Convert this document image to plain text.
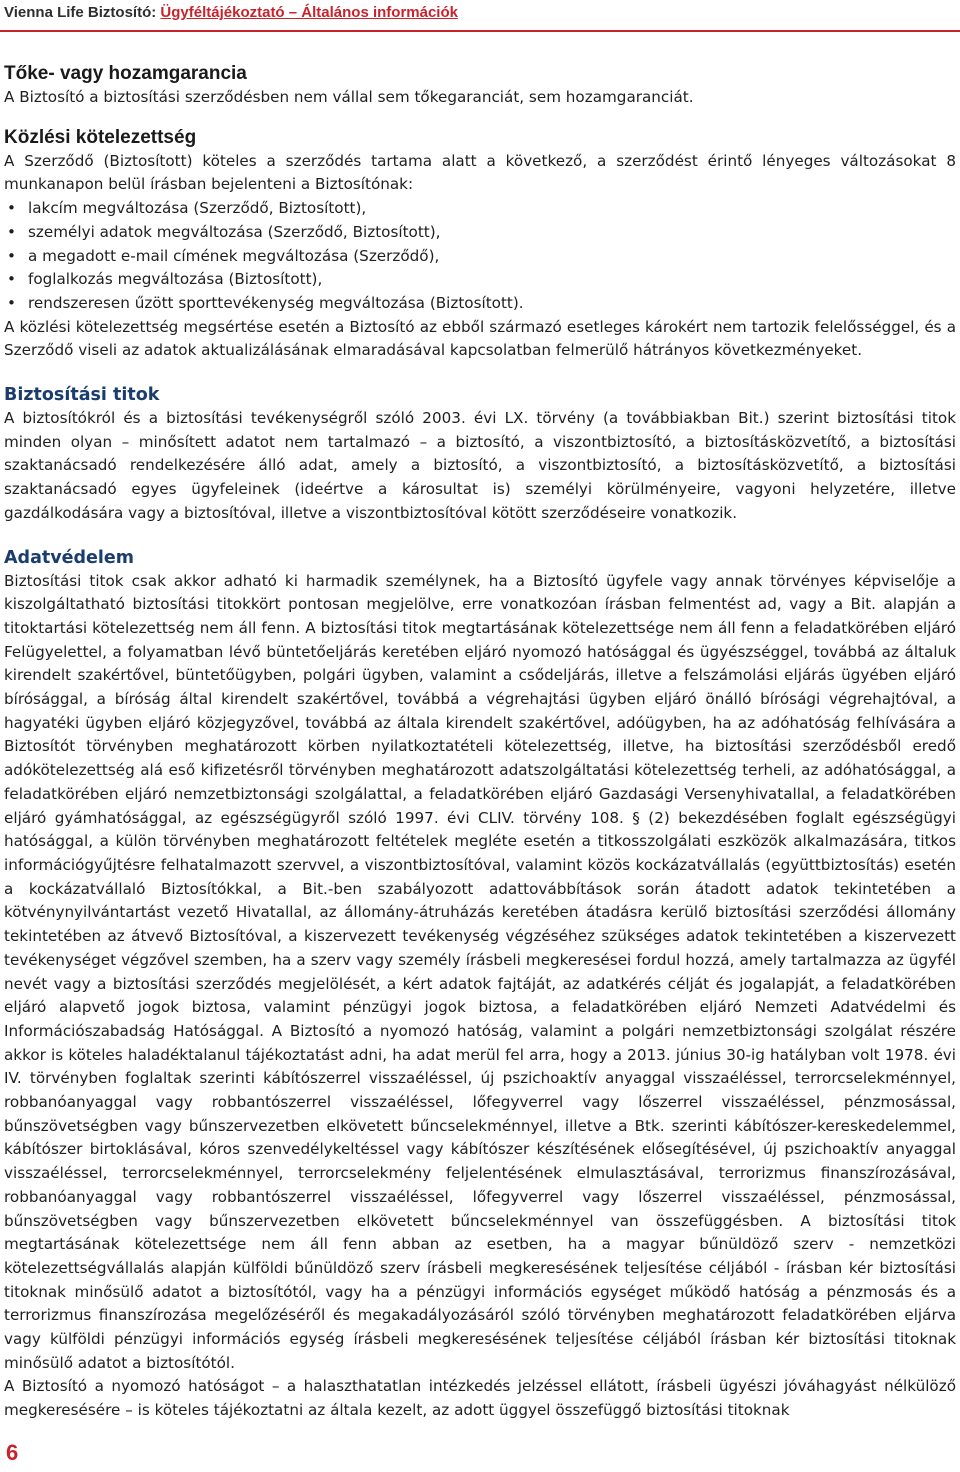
Vienna Life Biztosító: Ügyféltájékoztató – Általános információk
Tőke- vagy hozamgarancia

A Biztosító a biztosítási szerződésben nem vállal sem tőkegaranciát, sem hozamgaranciát.

Közlési kötelezettség

A Szerződő (Biztosított) köteles a szerződés tartama alatt a következő, a szerződést érintő lényeges változásokat 8 munkanapon belül írásban bejelenteni a Biztosítónak:

• lakcím megváltozása (Szerződő, Biztosított),
• személyi adatok megváltozása (Szerződő, Biztosított),
• a megadott e-mail címének megváltozása (Szerződő),
• foglalkozás megváltozása (Biztosított),
• rendszeresen űzött sporttevékenység megváltozása (Biztosított).

A közlési kötelezettség megsértése esetén a Biztosító az ebből származó esetleges károkért nem tartozik felelősséggel, és a Szerződő viseli az adatok aktualizálásának elmaradásával kapcsolatban felmerülő hátrányos következményeket.

Biztosítási titok

A biztosítókról és a biztosítási tevékenységről szóló 2003. évi LX. törvény (a továbbiakban Bit.) szerint biztosítási titok minden olyan – minősített adatot nem tartalmazó – a biztosító, a viszontbiztosító, a biztosításközvetítő, a biztosítási szaktanácsadó rendelkezésére álló adat, amely a biztosító, a viszontbiztosító, a biztosításközvetítő, a biztosítási szaktanácsadó egyes ügyfeleinek (ideértve a károsultat is) személyi körülményeire, vagyoni helyzetére, illetve gazdálkodására vagy a biztosítóval, illetve a viszontbiztosítóval kötött szerződéseire vonatkozik.

Adatvédelem

Biztosítási titok csak akkor adható ki harmadik személynek, ha a Biztosító ügyfele vagy annak törvényes képviselője a kiszolgáltatható biztosítási titokkört pontosan megjelölve, erre vonatkozóan írásban felmentést ad, vagy a Bit. alapján a titoktartási kötelezettség nem áll fenn. A biztosítási titok megtartásának kötelezettsége nem áll fenn a feladatkörében eljáró Felügyelettel, a folyamatban lévő büntetőeljárás keretében eljáró nyomozó hatósággal és ügyészséggel, továbbá az általuk kirendelt szakértővel, büntetőügyben, polgári ügyben, valamint a csődeljárás, illetve a felszámolási eljárás ügyében eljáró bírósággal, a bíróság által kirendelt szakértővel, továbbá a végrehajtási ügyben eljáró önálló bírósági végrehajtóval, a hagyatéki ügyben eljáró közjegyzővel, továbbá az általa kirendelt szakértővel, adóügyben, ha az adóhatóság felhívására a Biztosítót törvényben meghatározott körben nyilatkoztatételi kötelezettség, illetve, ha biztosítási szerződésből eredő adókötelezettség alá eső kifizetésről törvényben meghatározott adatszolgáltatási kötelezettség terheli, az adóhatósággal, a feladatkörében eljáró nemzetbiztonsági szolgálattal, a feladatkörében eljáró Gazdasági Versenyhivatallal, a feladatkörében eljáró gyámhatósággal, az egészségügyről szóló 1997. évi CLIV. törvény 108. § (2) bekezdésében foglalt egészségügyi hatósággal, a külön törvényben meghatározott feltételek meglétе esetén a titkosszolgálati eszközök alkalmazására, titkos információgyűjtésre felhatalmazott szervvel, a viszontbiztosítóval, valamint közös kockázatvállalás (együttbiztosítás) esetén a kockázatvállaló Biztosítókkal, a Bit.-ben szabályozott adattovábbítások során átadott adatok tekintetében a kötvénynyilvántartást vezető Hivatallal, az állomány-átruházás keretében átadásra kerülő biztosítási szerződési állomány tekintetében az átvevő Biztosítóval, a kiszervezett tevékenység végzéséhez szükséges adatok tekintetében a kiszervezett tevékenységet végzővel szemben, ha a szerv vagy személy írásbeli megkeresései fordul hozzá, amely tartalmazza az ügyfél nevét vagy a biztosítási szerződés megjelölését, a kért adatok fajtáját, az adatkérés célját és jogalapját, a feladatkörében eljáró alapvető jogok biztosa, valamint pénzügyi jogok biztosa, a feladatkörében eljáró Nemzeti Adatvédelmi és Információszabadság Hatósággal. A Biztosító a nyomozó hatóság, valamint a polgári nemzetbiztonsági szolgálat részére akkor is köteles haladéktalanul tájékoztatást adni, ha adat merül fel arra, hogy a 2013. június 30-ig hatályban volt 1978. évi IV. törvényben foglaltak szerinti kábítószerrel visszaéléssel, új pszichoaktív anyaggal visszaéléssel, terrorcselekménnyel, robbanóanyaggal vagy robbantószerrel visszaéléssel, lőfegyverrel vagy lőszerrel visszaéléssel, pénzmosással, bűnszövetségben vagy bűnszervezetben elkövetett bűncselekménnyel, illetve a Btk. szerinti kábítószer-kereskedelemmel, kábítószer birtoklásával, kóros szenvedélykeltéssel vagy kábítószer készítésének elősegítésével, új pszichoaktív anyaggal visszaéléssel, terrorcselekménnyel, terrorcselekmény feljelentésének elmulasztásával, terrorizmus finanszírozásával, robbanóanyaggal vagy robbantószerrel visszaéléssel, lőfegyverrel vagy lőszerrel visszaéléssel, pénzmosással, bűnszövetségben vagy bűnszervezetben elkövetett bűncselekménnyel van összefüggésben. A biztosítási titok megtartásának kötelezettsége nem áll fenn abban az esetben, ha a magyar bűnüldöző szerv - nemzetközi kötelezettségvállalás alapján külföldi bűnüldöző szerv írásbeli megkeresésének teljesítése céljából - írásban kér biztosítási titoknak minősülő adatot a biztosítótól, vagy ha a pénzügyi információs egységet működő hatóság a pénzmosás és a terrorizmus finanszírozása megelőzéséről és megakadályozásáról szóló törvényben meghatározott feladatkörében eljárva vagy külföldi pénzügyi információs egység írásbeli megkeresésének teljesítése céljából írásban kér biztosítási titoknak minősülő adatot a biztosítótól.

A Biztosító a nyomozó hatóságot – a halaszthatatlan intézkedés jelzéssel ellátott, írásbeli ügyészi jóváhagyást nélkülöző megkeresésére – is köteles tájékoztatni az általa kezelt, az adott üggyel összefüggő biztosítási titoknak

6
